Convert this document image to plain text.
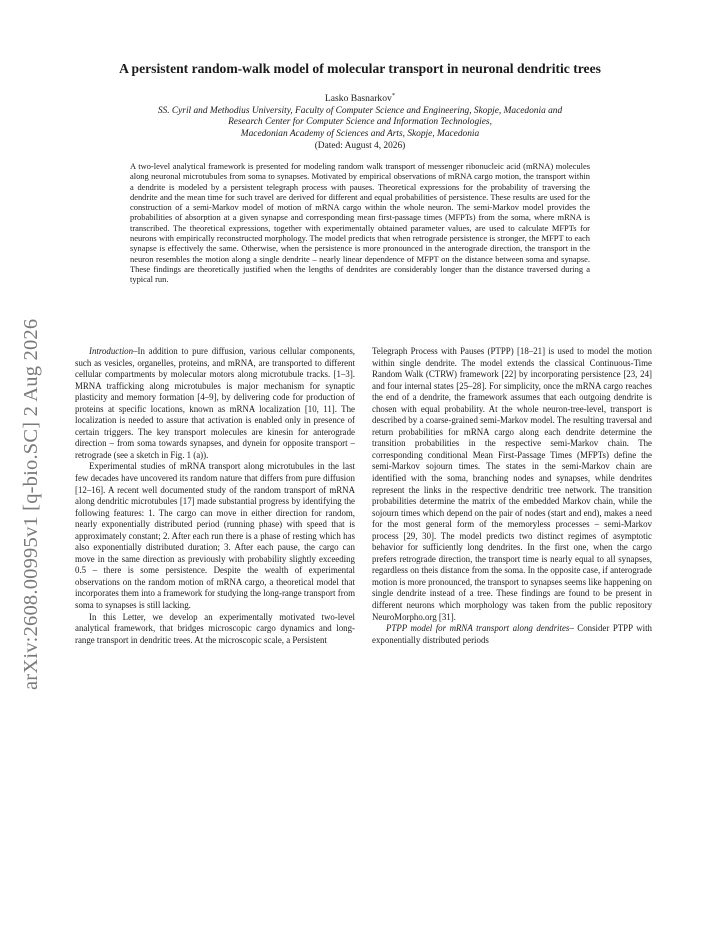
arXiv:2608.00995v1 [q-bio.SC] 2 Aug 2026
A persistent random-walk model of molecular transport in neuronal dendritic trees
Lasko Basnarkov*
SS. Cyril and Methodius University, Faculty of Computer Science and Engineering, Skopje, Macedonia and
Research Center for Computer Science and Information Technologies,
Macedonian Academy of Sciences and Arts, Skopje, Macedonia
(Dated: August 4, 2026)
A two-level analytical framework is presented for modeling random walk transport of messenger ribonucleic acid (mRNA) molecules along neuronal microtubules from soma to synapses. Motivated by empirical observations of mRNA cargo motion, the transport within a dendrite is modeled by a persistent telegraph process with pauses. Theoretical expressions for the probability of traversing the dendrite and the mean time for such travel are derived for different and equal probabilities of persistence. These results are used for the construction of a semi-Markov model of motion of mRNA cargo within the whole neuron. The semi-Markov model provides the probabilities of absorption at a given synapse and corresponding mean first-passage times (MFPTs) from the soma, where mRNA is transcribed. The theoretical expressions, together with experimentally obtained parameter values, are used to calculate MFPTs for neurons with empirically reconstructed morphology. The model predicts that when retrograde persistence is stronger, the MFPT to each synapse is effectively the same. Otherwise, when the persistence is more pronounced in the anterograde direction, the transport in the neuron resembles the motion along a single dendrite – nearly linear dependence of MFPT on the distance between soma and synapse. These findings are theoretically justified when the lengths of dendrites are considerably longer than the distance traversed during a typical run.

Introduction–In addition to pure diffusion, various cellular components, such as vesicles, organelles, proteins, and mRNA, are transported to different cellular compartments by molecular motors along microtubule tracks. [1–3]. MRNA trafficking along microtubules is major mechanism for synaptic plasticity and memory formation [4–9], by delivering code for production of proteins at specific locations, known as mRNA localization [10, 11]. The localization is needed to assure that activation is enabled only in presence of certain triggers. The key transport molecules are kinesin for anterograde direction – from soma towards synapses, and dynein for opposite transport – retrograde (see a sketch in Fig. 1 (a)).

Experimental studies of mRNA transport along microtubules in the last few decades have uncovered its random nature that differs from pure diffusion [12–16]. A recent well documented study of the random transport of mRNA along dendritic microtubules [17] made substantial progress by identifying the following features: 1. The cargo can move in either direction for random, nearly exponentially distributed period (running phase) with speed that is approximately constant; 2. After each run there is a phase of resting which has also exponentially distributed duration; 3. After each pause, the cargo can move in the same direction as previously with probability slightly exceeding 0.5 – there is some persistence. Despite the wealth of experimental observations on the random motion of mRNA cargo, a theoretical model that incorporates them into a framework for studying the long-range transport from soma to synapses is still lacking.

In this Letter, we develop an experimentally motivated two-level analytical framework, that bridges microscopic cargo dynamics and long-range transport in dendritic trees. At the microscopic scale, a Persistent

Telegraph Process with Pauses (PTPP) [18–21] is used to model the motion within single dendrite. The model extends the classical Continuous-Time Random Walk (CTRW) framework [22] by incorporating persistence [23, 24] and four internal states [25–28]. For simplicity, once the mRNA cargo reaches the end of a dendrite, the framework assumes that each outgoing dendrite is chosen with equal probability. At the whole neuron-tree-level, transport is described by a coarse-grained semi-Markov model. The resulting traversal and return probabilities for mRNA cargo along each dendrite determine the transition probabilities in the respective semi-Markov chain. The corresponding conditional Mean First-Passage Times (MFPTs) define the semi-Markov sojourn times. The states in the semi-Markov chain are identified with the soma, branching nodes and synapses, while dendrites represent the links in the respective dendritic tree network. The transition probabilities determine the matrix of the embedded Markov chain, while the sojourn times which depend on the pair of nodes (start and end), makes a need for the most general form of the memoryless processes – semi-Markov process [29, 30]. The model predicts two distinct regimes of asymptotic behavior for sufficiently long dendrites. In the first one, when the cargo prefers retrograde direction, the transport time is nearly equal to all synapses, regardless on theis distance from the soma. In the opposite case, if anterograde motion is more pronounced, the transport to synapses seems like happening on single dendrite instead of a tree. These findings are found to be present in different neurons which morphology was taken from the public repository NeuroMorpho.org [31].

PTPP model for mRNA transport along dendrites– Consider PTPP with exponentially distributed periods
